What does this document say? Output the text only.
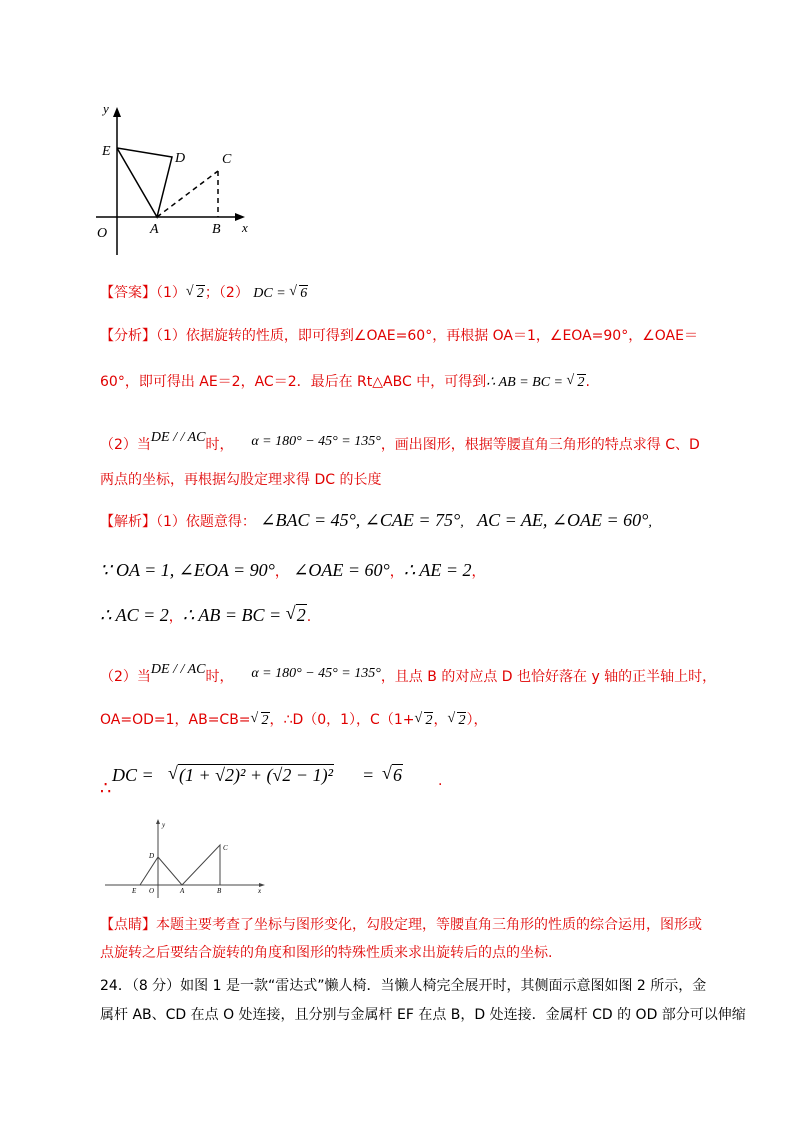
y
x
E	D	C
O	A	B
【答案】（1） √ 2；（2） DC = √ 6
【分析】（1）依据旋转的性质，即可得到∠OAE=60°，再根据 OA＝1，∠EOA=90°，∠OAE＝
60°，即可得出 AE＝2，AC＝2．最后在 Rt△ABC 中，可得到∴ AB = BC = √ 2.
（2）当DE / / AC时， α = 180° − 45° = 135°，画出图形，根据等腰直角三角形的特点求得 C、D
两点的坐标，再根据勾股定理求得 DC 的长度
【解析】（1）依题意得： ∠BAC = 45°, ∠CAE = 75°, AC = AE, ∠OAE = 60°,
∵ OA = 1, ∠EOA = 90°， ∠OAE = 60°，∴ AE = 2，
∴ AC = 2，∴ AB = BC = √ 2.
（2）当DE / / AC时， α = 180° − 45° = 135°，且点 B 的对应点 D 也恰好落在 y 轴的正半轴上时，
OA=OD=1，AB=CB= √ 2，∴D（0，1），C（1+ √ 2， √ 2），
∴
DC =	√ (1 + √2)² + (√2 − 1)² =	√ 6	.
y
x
D
C
E O	A	B
【点睛】本题主要考查了坐标与图形变化，勾股定理，等腰直角三角形的性质的综合运用，图形或
点旋转之后要结合旋转的角度和图形的特殊性质来求出旋转后的点的坐标.
24．（8 分）如图 1 是一款“雷达式”懒人椅．当懒人椅完全展开时，其侧面示意图如图 2 所示，金
属杆 AB、CD 在点 O 处连接，且分别与金属杆 EF 在点 B，D 处连接．金属杆 CD 的 OD 部分可以伸缩
